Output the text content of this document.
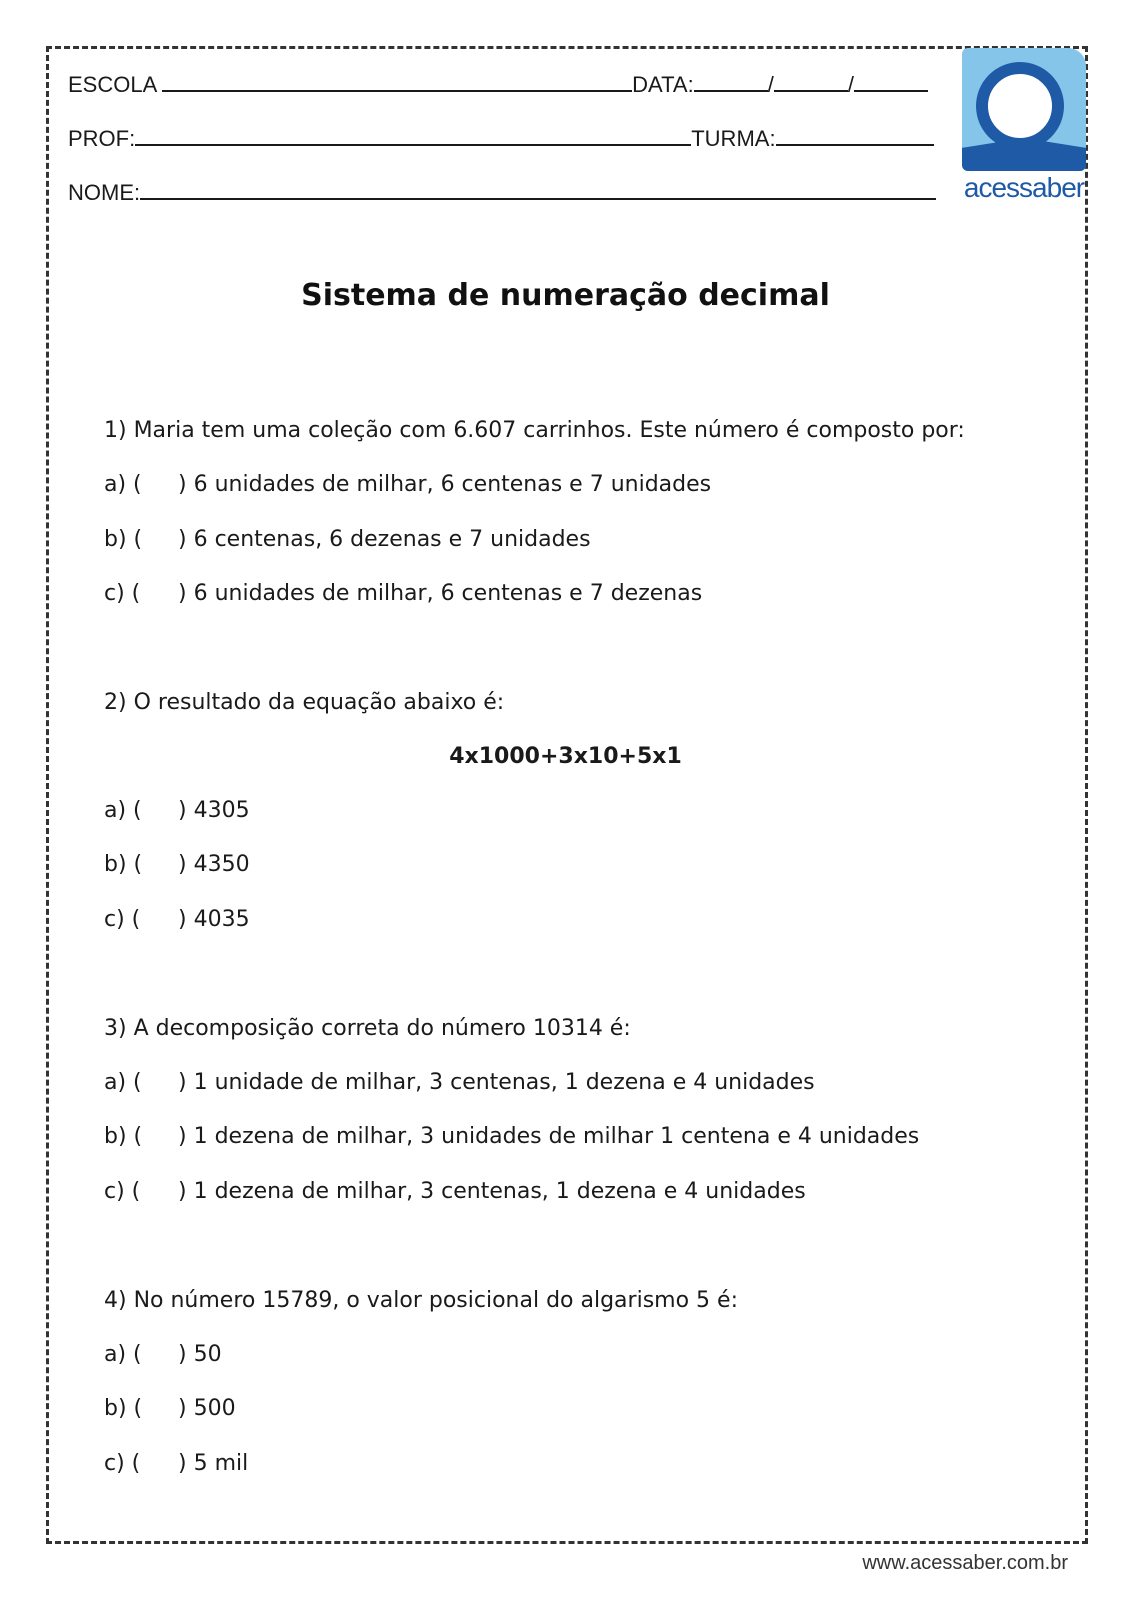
ESCOLA	DATA:	/	/
PROF:	TURMA:
NOME:	acessaber
Sistema de numeração decimal
1) Maria tem uma coleção com 6.607 carrinhos. Este número é composto por:
a) ( ) 6 unidades de milhar, 6 centenas e 7 unidades
b) ( ) 6 centenas, 6 dezenas e 7 unidades
c) ( ) 6 unidades de milhar, 6 centenas e 7 dezenas
2) O resultado da equação abaixo é:
4x1000+3x10+5x1
a) ( ) 4305
b) ( ) 4350
c) ( ) 4035
3) A decomposição correta do número 10314 é:
a) ( ) 1 unidade de milhar, 3 centenas, 1 dezena e 4 unidades
b) ( ) 1 dezena de milhar, 3 unidades de milhar 1 centena e 4 unidades
c) ( ) 1 dezena de milhar, 3 centenas, 1 dezena e 4 unidades
4) No número 15789, o valor posicional do algarismo 5 é:
a) ( ) 50
b) ( ) 500
c) ( ) 5 mil
www.acessaber.com.br
